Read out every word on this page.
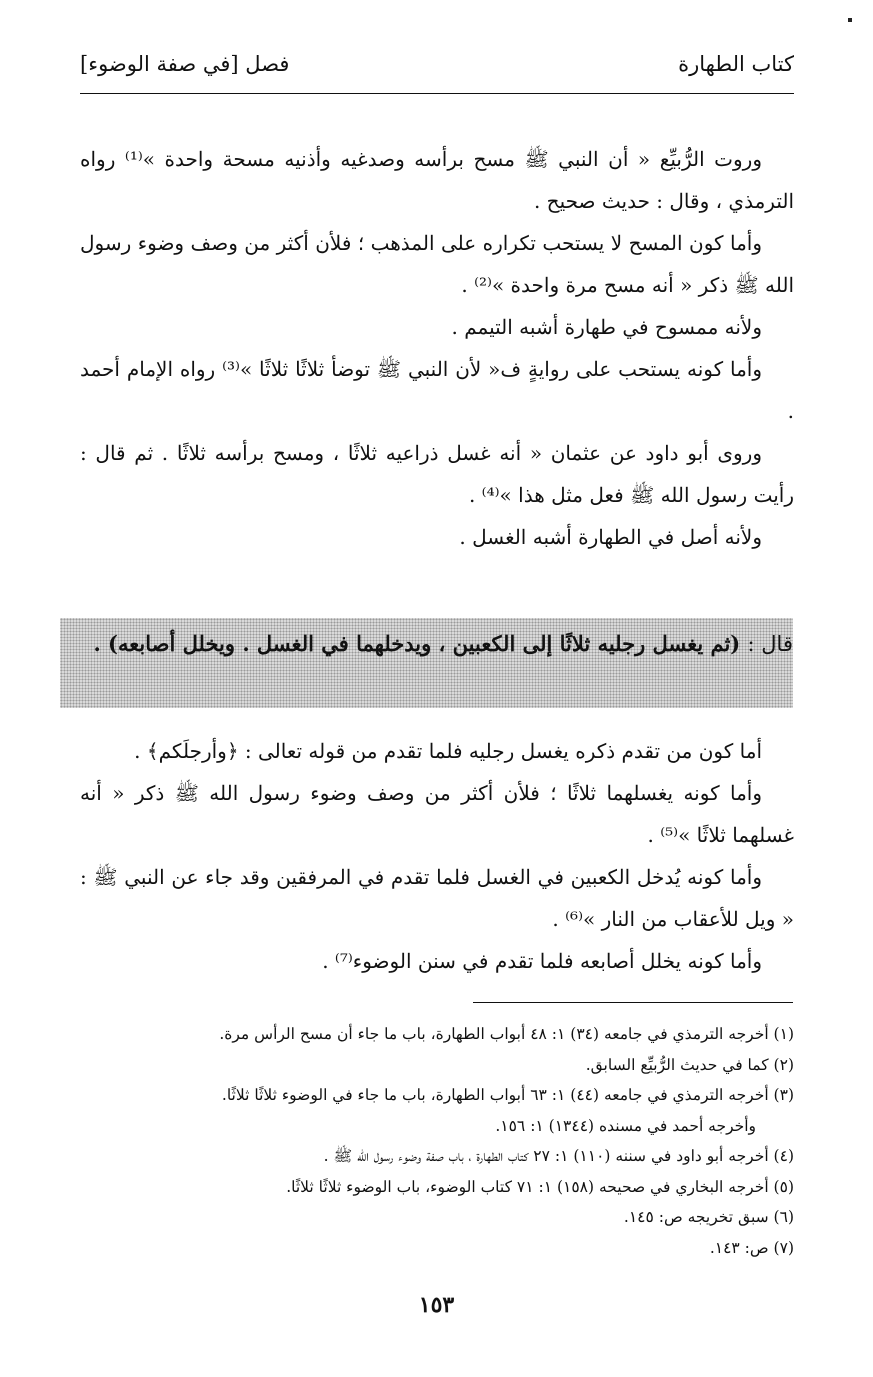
كتاب الطهارة
فصل [في صفة الوضوء]

وروت الرُّبيِّع « أن النبي ﷺ مسح برأسه وصدغيه وأذنيه مسحة واحدة »⁽¹⁾ رواه الترمذي ، وقال : حديث صحيح .

وأما كون المسح لا يستحب تكراره على المذهب ؛ فلأن أكثر من وصف وضوء رسول الله ﷺ ذكر « أنه مسح مرة واحدة »⁽²⁾ .

ولأنه ممسوح في طهارة أشبه التيمم .

وأما كونه يستحب على روايةٍ ف« لأن النبي ﷺ توضأ ثلاثًا ثلاثًا »⁽³⁾ رواه الإمام أحمد .

وروى أبو داود عن عثمان « أنه غسل ذراعيه ثلاثًا ، ومسح برأسه ثلاثًا . ثم قال : رأيت رسول الله ﷺ فعل مثل هذا »⁽⁴⁾ .

ولأنه أصل في الطهارة أشبه الغسل .

قال : (ثم يغسل رجليه ثلاثًا إلى الكعبين ، ويدخلهما في الغسل . ويخلل أصابعه) .

أما كون من تقدم ذكره يغسل رجليه فلما تقدم من قوله تعالى : ﴿وأرجلَكم﴾ .

وأما كونه يغسلهما ثلاثًا ؛ فلأن أكثر من وصف وضوء رسول الله ﷺ ذكر « أنه غسلهما ثلاثًا »⁽⁵⁾ .

وأما كونه يُدخل الكعبين في الغسل فلما تقدم في المرفقين وقد جاء عن النبي ﷺ : « ويل للأعقاب من النار »⁽⁶⁾ .

وأما كونه يخلل أصابعه فلما تقدم في سنن الوضوء⁽⁷⁾ .

(١) أخرجه الترمذي في جامعه (٣٤) ١: ٤٨ أبواب الطهارة، باب ما جاء أن مسح الرأس مرة.

(٢) كما في حديث الرُّبيِّع السابق.

(٣) أخرجه الترمذي في جامعه (٤٤) ١: ٦٣ أبواب الطهارة، باب ما جاء في الوضوء ثلاثًا ثلاثًا.

وأخرجه أحمد في مسنده (١٣٤٤) ١: ١٥٦.

(٤) أخرجه أبو داود في سننه (١١٠) ١: ٢٧ كتاب الطهارة ، باب صفة وضوء رسول الله ﷺ .

(٥) أخرجه البخاري في صحيحه (١٥٨) ١: ٧١ كتاب الوضوء، باب الوضوء ثلاثًا ثلاثًا.

(٦) سبق تخريجه ص: ١٤٥.

(٧) ص: ١٤٣.

١٥٣
